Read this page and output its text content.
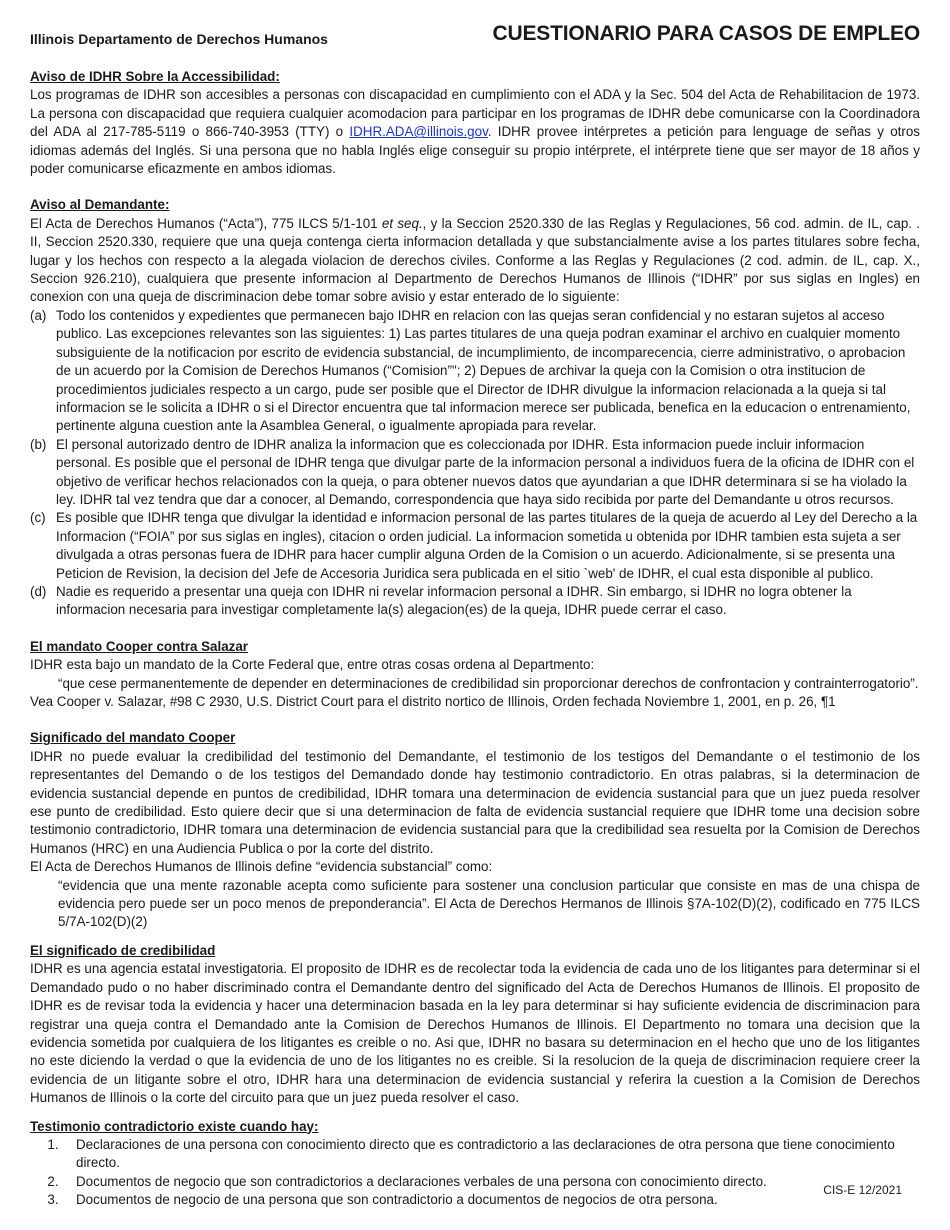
Illinois Departamento de Derechos Humanos	CUESTIONARIO PARA CASOS DE EMPLEO
Aviso de IDHR Sobre la Accessibilidad:

Los programas de IDHR son accesibles a personas con discapacidad en cumplimiento con el ADA y la Sec. 504 del Acta de Rehabilitacion de 1973. La persona con discapacidad que requiera cualquier acomodacion para participar en los programas de IDHR debe comunicarse con la Coordinadora del ADA al 217-785-5119 o 866-740-3953 (TTY) o IDHR.ADA@illinois.gov. IDHR provee intérpretes a petición para lenguage de señas y otros idiomas además del Inglés. Si una persona que no habla Inglés elige conseguir su propio intérprete, el intérprete tiene que ser mayor de 18 años y poder comunicarse eficazmente en ambos idiomas.

Aviso al Demandante:

El Acta de Derechos Humanos (“Acta”), 775 ILCS 5/1-101 et seq., y la Seccion 2520.330 de las Reglas y Regulaciones, 56 cod. admin. de IL, cap. . II, Seccion 2520.330, requiere que una queja contenga cierta informacion detallada y que substancialmente avise a los partes titulares sobre fecha, lugar y los hechos con respecto a la alegada violacion de derechos civiles. Conforme a las Reglas y Regulaciones (2 cod. admin. de IL, cap. X., Seccion 926.210), cualquiera que presente informacion al Departmento de Derechos Humanos de Illinois (“IDHR” por sus siglas en Ingles) en conexion con una queja de discriminacion debe tomar sobre avisio y estar enterado de lo siguiente:

(a) Todo los contenidos y expedientes que permanecen bajo IDHR en relacion con las quejas seran confidencial y no estaran sujetos al acceso publico. Las excepciones relevantes son las siguientes: 1) Las partes titulares de una queja podran examinar el archivo en cualquier momento subsiguiente de la notificacion por escrito de evidencia substancial, de incumplimiento, de incomparecencia, cierre administrativo, o aprobacion de un acuerdo por la Comision de Derechos Humanos (“Comision”"; 2) Depues de archivar la queja con la Comision o otra institucion de procedimientos judiciales respecto a un cargo, pude ser posible que el Director de IDHR divulgue la informacion relacionada a la queja si tal informacion se le solicita a IDHR o si el Director encuentra que tal informacion merece ser publicada, benefica en la educacion o entrenamiento, pertinente alguna cuestion ante la Asamblea General, o igualmente apropiada para revelar.
(b) El personal autorizado dentro de IDHR analiza la informacion que es coleccionada por IDHR. Esta informacion puede incluir informacion personal. Es posible que el personal de IDHR tenga que divulgar parte de la informacion personal a individuos fuera de la oficina de IDHR con el objetivo de verificar hechos relacionados con la queja, o para obtener nuevos datos que ayundarian a que IDHR determinara si se ha violado la ley. IDHR tal vez tendra que dar a conocer, al Demando, correspondencia que haya sido recibida por parte del Demandante u otros recursos.
(c) Es posible que IDHR tenga que divulgar la identidad e informacion personal de las partes titulares de la queja de acuerdo al Ley del Derecho a la Informacion (“FOIA” por sus siglas en ingles), citacion o orden judicial. La informacion sometida u obtenida por IDHR tambien esta sujeta a ser divulgada a otras personas fuera de IDHR para hacer cumplir alguna Orden de la Comision o un acuerdo. Adicionalmente, si se presenta una Peticion de Revision, la decision del Jefe de Accesoria Juridica sera publicada en el sitio `web' de IDHR, el cual esta disponible al publico.
(d) Nadie es requerido a presentar una queja con IDHR ni revelar informacion personal a IDHR. Sin embargo, si IDHR no logra obtener la informacion necesaria para investigar completamente la(s) alegacion(es) de la queja, IDHR puede cerrar el caso.
El mandato Cooper contra Salazar

IDHR esta bajo un mandato de la Corte Federal que, entre otras cosas ordena al Departmento:

“que cese permanentemente de depender en determinaciones de credibilidad sin proporcionar derechos de confrontacion y contrainterrogatorio”.

Vea Cooper v. Salazar, #98 C 2930, U.S. District Court para el distrito nortico de Illinois, Orden fechada Noviembre 1, 2001, en p. 26, ¶1

Significado del mandato Cooper

IDHR no puede evaluar la credibilidad del testimonio del Demandante, el testimonio de los testigos del Demandante o el testimonio de los representantes del Demando o de los testigos del Demandado donde hay testimonio contradictorio. En otras palabras, si la determinacion de evidencia sustancial depende en puntos de credibilidad, IDHR tomara una determinacion de evidencia sustancial para que un juez pueda resolver ese punto de credibilidad. Esto quiere decir que si una determinacion de falta de evidencia sustancial requiere que IDHR tome una decision sobre testimonio contradictorio, IDHR tomara una determinacion de evidencia sustancial para que la credibilidad sea resuelta por la Comision de Derechos Humanos (HRC) en una Audiencia Publica o por la corte del distrito.

El Acta de Derechos Humanos de Illinois define “evidencia substancial” como:

“evidencia que una mente razonable acepta como suficiente para sostener una conclusion particular que consiste en mas de una chispa de evidencia pero puede ser un poco menos de preponderancia”. El Acta de Derechos Hermanos de Illinois §7A-102(D)(2), codificado en 775 ILCS 5/7A-102(D)(2)

El significado de credibilidad

IDHR es una agencia estatal investigatoria. El proposito de IDHR es de recolectar toda la evidencia de cada uno de los litigantes para determinar si el Demandado pudo o no haber discriminado contra el Demandante dentro del significado del Acta de Derechos Humanos de Illinois. El proposito de IDHR es de revisar toda la evidencia y hacer una determinacion basada en la ley para determinar si hay suficiente evidencia de discriminacion para registrar una queja contra el Demandado ante la Comision de Derechos Humanos de Illinois. El Departmento no tomara una decision que la evidencia sometida por cualquiera de los litigantes es creible o no. Asi que, IDHR no basara su determinacion en el hecho que uno de los litigantes no este diciendo la verdad o que la evidencia de uno de los litigantes no es creible. Si la resolucion de la queja de discriminacion requiere creer la evidencia de un litigante sobre el otro, IDHR hara una determinacion de evidencia sustancial y referira la cuestion a la Comision de Derechos Humanos de Illinois o la corte del circuito para que un juez pueda resolver el caso.

Testimonio contradictorio existe cuando hay:
1.	Declaraciones de una persona con conocimiento directo que es contradictorio a las declaraciones de otra persona que tiene conocimiento directo.
2.	Documentos de negocio que son contradictorios a declaraciones verbales de una persona con conocimiento directo.
3.	Documentos de negocio de una persona que son contradictorio a documentos de negocios de otra persona.
CIS-E 12/2021
